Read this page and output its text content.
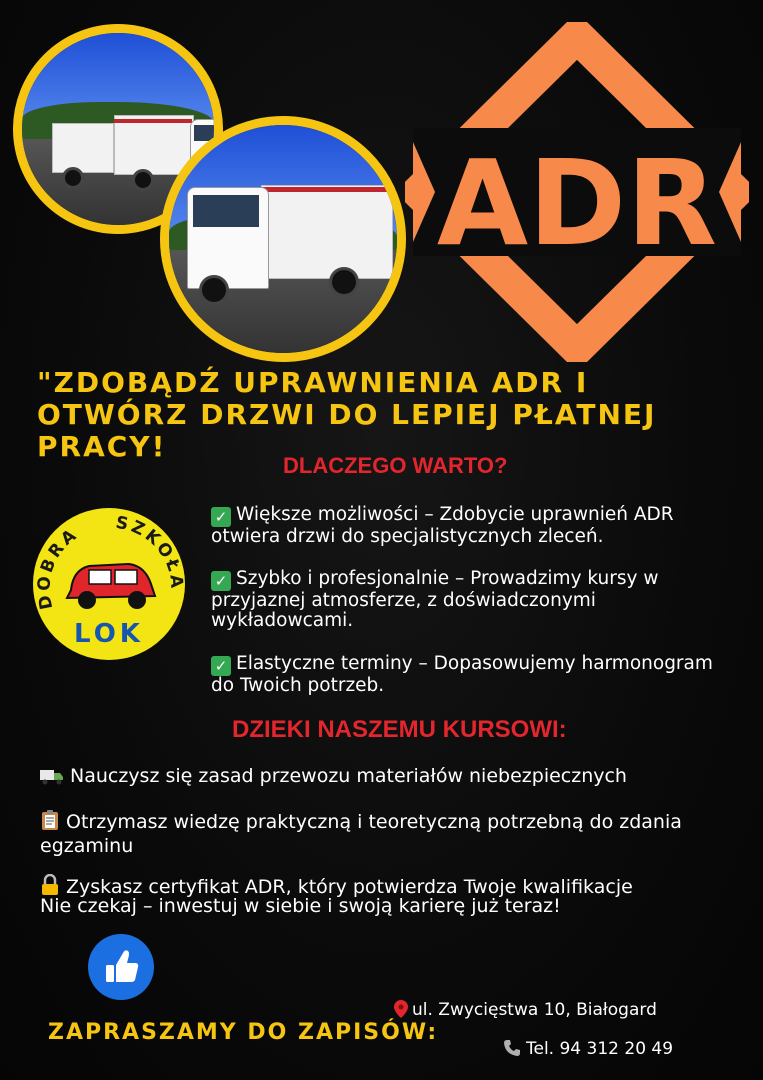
ADR

"ZDOBĄDŹ UPRAWNIENIA ADR I OTWÓRZ DRZWI DO LEPIEJ PŁATNEJ PRACY!

DLACZEGO WARTO?

DOBRA SZKOŁA
LOK

✓ Większe możliwości – Zdobycie uprawnień ADR otwiera drzwi do specjalistycznych zleceń.

✓ Szybko i profesjonalnie – Prowadzimy kursy w przyjaznej atmosferze, z doświadczonymi wykładowcami.

✓ Elastyczne terminy – Dopasowujemy harmonogram do Twoich potrzeb.

DZIEKI NASZEMU KURSOWI:

Nauczysz się zasad przewozu materiałów niebezpiecznych

Otrzymasz wiedzę praktyczną i teoretyczną potrzebną do zdania egzaminu

Zyskasz certyfikat ADR, który potwierdza Twoje kwalifikacje

Nie czekaj – inwestuj w siebie i swoją karierę już teraz!

ZAPRASZAMY DO ZAPISÓW:

ul. Zwycięstwa 10, Białogard

Tel. 94 312 20 49
